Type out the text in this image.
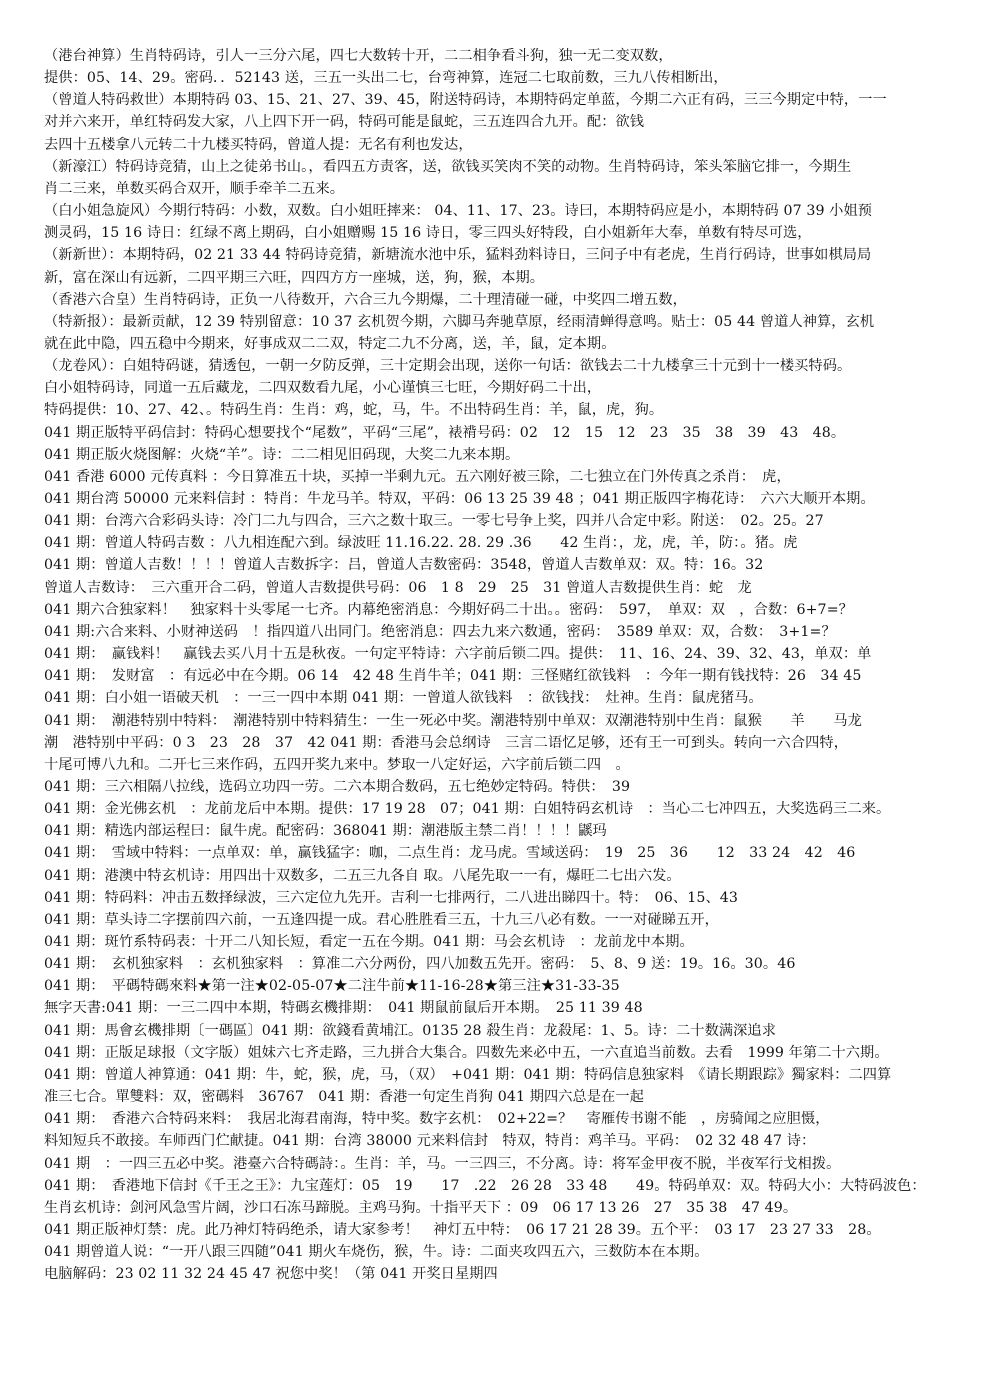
（港台神算）生肖特码诗，引人一三分六尾，四七大数转十开，二二相争看斗狗，独一无二变双数，
提供：05、14、29。密码．．52143 送，三五一头出二七，台弯神算，连冠二七取前数，三九八传相断出，
（曾道人特码救世）本期特码 03、15、21、27、39、45，附送特码诗，本期特码定单蓝，今期二六正有码，三三今期定中特，一一
对并六来开，单红特码发大家，八上四下开一码，特码可能是鼠蛇，三五连四合九开。配：欲钱
去四十五楼拿八元转二十九楼买特码，曾道人提：无名有利也发达，
（新濠江）特码诗竞猜，山上之徒弟书山。，看四五方责客，送，欲钱买笑肉不笑的动物。生肖特码诗，笨头笨脑它排一，今期生
肖二三来，单数买码合双开，顺手牵羊二五来。
（白小姐急旋风）今期行特码：小数，双数。白小姐旺摔来： 04、11、17、23。诗曰，本期特码应是小，本期特码 07 39 小姐预
测灵码，15 16 诗日：红绿不离上期码，白小姐赠赐 15 16 诗日，零三四头好特段，白小姐新年大奉，单数有特尽可选，
（新新世）：本期特码，02 21 33 44 特码诗竞猜，新塘流水池中乐，猛料劲料诗日，三问子中有老虎，生肖行码诗，世事如棋局局
新，富在深山有远新，二四平期三六旺，四四方方一座城，送，狗，猴，本期。
（香港六合皇）生肖特码诗，正负一八待数开，六合三九今期爆，二十理清碰一碰，中奖四二增五数，
（特新报）：最新贡献，12 39 特别留意：10 37 玄机贺今期，六脚马奔驰草原，经雨清蝉得意鸣。贴士：05 44 曾道人神算，玄机
就在此中隐，四五稳中今期来，好事成双二二双，特定二九不分离，送，羊，鼠，定本期。
（龙卷风）：白姐特码谜，猜透包，一朝一夕防反弹，三十定期会出现，送你一句话：欲钱去二十九楼拿三十元到十一楼买特码。
白小姐特码诗，同道一五后藏龙，二四双数看九尾，小心谨慎三七旺，今期好码二十出，
特码提供：10、27、42、。特码生肖：生肖：鸡，蛇，马，牛。不出特码生肖：羊，鼠，虎，狗。
041 期正版特平码信封：特码心想要找个“尾数”，平码“三尾”，裱褙号码：02　12　15　12　23　35　38　39　43　48。
041 期正版火烧图解：火烧“羊”。诗：二二相见旧码现，大奖二九来本期。
041 香港 6000 元传真料 ：今日算准五十块，买掉一半剩九元。五六刚好被三除，二七独立在门外传真之杀肖：　虎，
041 期台湾 50000 元来料信封 ：特肖：牛龙马羊。特双，平码：06 13 25 39 48 ；041 期正版四字梅花诗：　六六大顺开本期。
041 期：台湾六合彩码头诗：冷门二九与四合，三六之数十取三。一零七号争上奖，四并八合定中彩。附送：　02。25。27
041 期：曾道人特码吉数 ：八九相连配六到。绿波旺 11.16.22. 28. 29 .36　　42 生肖：，龙，虎，羊，防：。猪。虎
041 期：曾道人吉数！！！！曾道人吉数拆字：吕，曾道人吉数密码：3548，曾道人吉数单双：双。特：16。32
曾道人吉数诗：　三六重开合二码，曾道人吉数提供号码：06　1 8　29　25　31 曾道人吉数提供生肖：蛇　龙
041 期六合独家料！　独家料十头零尾一七齐。内幕绝密消息：今期好码二十出。。密码：　597，　单双：双　，合数：6+7=？
041 期:六合来料、小财神送码　！指四道八出同门。绝密消息：四去九来六数通，密码：　3589 单双：双，合数：　3+1=？
041 期：　赢钱料！　赢钱去买八月十五是秋夜。一句定平特诗：六字前后锁二四。提供：　11、16、24、39、32、43，单双：单
041 期：　发财富　：有远必中在今期。06 14　42 48 生肖牛羊；041 期：三怪赌红欲钱料　：今年一期有钱找特：26　34 45
041 期：白小姐一语破天机　：一三一四中本期 041 期：一曾道人欲钱料　：欲钱找：　灶神。生肖：鼠虎猪马。
041 期：　潮港特别中特料：　潮港特别中特料猜生：一生一死必中奖。潮港特别中单双：双潮港特别中生肖：鼠猴　　羊　　马龙
潮　港特别中平码：0 3　23　28　37　42 041 期：香港马会总纲诗　三言二语忆足够，还有王一可到头。转向一六合四特，
十尾可博八九和。二开七三来作码，五四开奖九来中。梦取一八定好运，六字前后锁二四　。
041 期：三六相隔八拉线，选码立功四一劳。二六本期合数码，五七绝妙定特码。特供：　39
041 期：金光佛玄机　：龙前龙后中本期。提供：17 19 28　07；041 期：白姐特码玄机诗　：当心二七冲四五，大奖选码三二来。
041 期：精选内部运程曰：鼠牛虎。配密码：368041 期：潮港版主禁二肖！！！！鼷玛
041 期：　雪域中特料：一点单双：单，赢钱猛字：咖，二点生肖：龙马虎。雪域送码：　19　25　36　　12　33 24　42　46
041 期：港澳中特玄机诗：用四出十双数多，二五三九各自 取。八尾先取一一有，爆旺二七出六发。
041 期：特码料：冲击五数择绿波，三六定位九先开。吉利一七排两行，二八进出睇四十。特：　06、15、43
041 期：草头诗二字摆前四六前，一五逢四提一成。君心胜胜看三五，十九三八必有数。一一对碰睇五开，
041 期：斑竹系特码表：十开二八知长短，看定一五在今期。041 期：马会玄机诗　：龙前龙中本期。
041 期：　玄机独家料　：玄机独家料　：算准二六分两份，四八加数五先开。密码：　5、8、9 送：19。16。30。46
041 期：　平碼特碼來料★第一注★02-05-07★二注牛前★11-16-28★第三注★31-33-35
無字天書:041 期：一三二四中本期，特碼玄機排期：　041 期鼠前鼠后开本期。　25 11 39 48
041 期：馬會玄機排期〔一碼區〕041 期：欲錢看黄埔江。0135 28 殺生肖：龙殺尾：1、5。诗：二十数满深追求
041 期：正版足球报（文字版）姐妹六七齐走路，三九拼合大集合。四数先来必中五，一六直追当前数。去看　1999 年第二十六期。
041 期：曾道人神算通：041 期：牛，蛇，猴，虎，马，（双）　+041 期：041 期：特码信息独家料　《请长期跟踪》獨家料：二四算
准三七合。單雙料：双，密碼料　36767　041 期：香港一句定生肖狗 041 期四六总是在一起
041 期：　香港六合特码来料：　我居北海君南海，特中奖。数字玄机：　02+22=？　寄雁传书谢不能　，房骑闻之应胆慑，
料知短兵不敢接。车师西门伫献捷。041 期：台湾 38000 元来料信封　特双，特肖：鸡羊马。平码：　02 32 48 47 诗：
041 期　：一四三五必中奖。港臺六合特碼詩：。生肖：羊，马。一三四三，不分离。诗：将军金甲夜不脱，半夜军行戈相拨。
041 期：　香港地下信封《千王之王》：九宝莲灯：05　19　　17　.22　26 28　33 48　　49。特码单双：双。特码大小：大特码波色：
生肖玄机诗：剑河风急雪片阔，沙口石冻马蹄脱。主鸡马狗。十指平天下 ：09　06 17 13 26　27　35 38　47 49。
041 期正版神灯禁：虎。此乃神灯特码绝杀，请大家参考！　神灯五中特：　06 17 21 28 39。五个平：　03 17　23 27 33　28。
041 期曾道人说：“一开八跟三四随”041 期火车烧伤，猴，牛。诗：二面夹攻四五六，三数防本在本期。
电脑解码：23 02 11 32 24 45 47 祝您中奖！（第 041 开奖日星期四
